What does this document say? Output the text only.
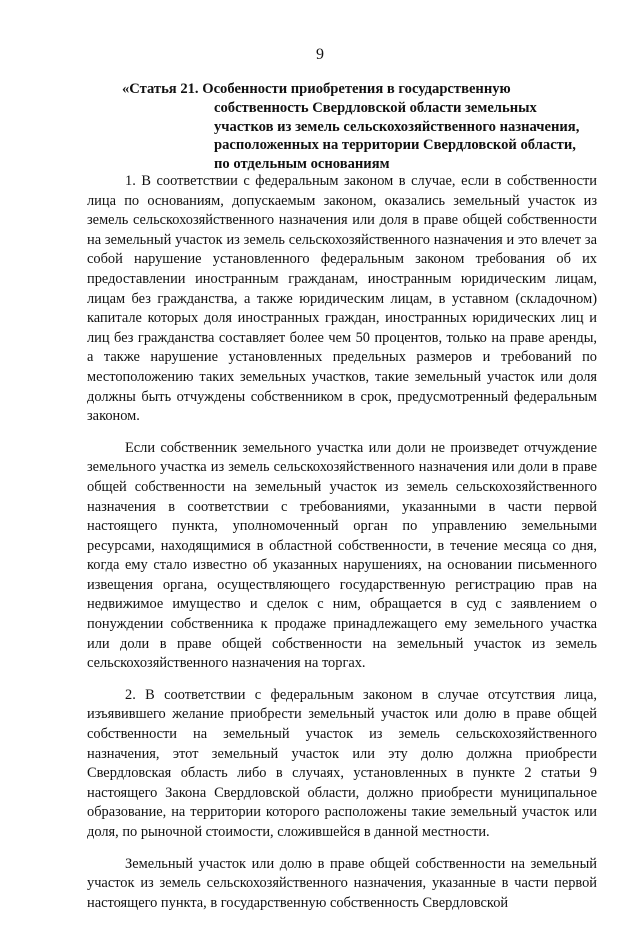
9
«Статья 21. Особенности приобретения в государственную
собственность Свердловской области земельных участков из земель сельскохозяйственного назначения, расположенных на территории Свердловской области, по отдельным основаниям

1. В соответствии с федеральным законом в случае, если в собственности лица по основаниям, допускаемым законом, оказались земельный участок из земель сельскохозяйственного назначения или доля в праве общей собственности на земельный участок из земель сельскохозяйственного назначения и это влечет за собой нарушение установленного федеральным законом требования об их предоставлении иностранным гражданам, иностранным юридическим лицам, лицам без гражданства, а также юридическим лицам, в уставном (складочном) капитале которых доля иностранных граждан, иностранных юридических лиц и лиц без гражданства составляет более чем 50 процентов, только на праве аренды, а также нарушение установленных предельных размеров и требований по местоположению таких земельных участков, такие земельный участок или доля должны быть отчуждены собственником в срок, предусмотренный федеральным законом.

Если собственник земельного участка или доли не произведет отчуждение земельного участка из земель сельскохозяйственного назначения или доли в праве общей собственности на земельный участок из земель сельскохозяйственного назначения в соответствии с требованиями, указанными в части первой настоящего пункта, уполномоченный орган по управлению земельными ресурсами, находящимися в областной собственности, в течение месяца со дня, когда ему стало известно об указанных нарушениях, на основании письменного извещения органа, осуществляющего государственную регистрацию прав на недвижимое имущество и сделок с ним, обращается в суд с заявлением о понуждении собственника к продаже принадлежащего ему земельного участка или доли в праве общей собственности на земельный участок из земель сельскохозяйственного назначения на торгах.

2. В соответствии с федеральным законом в случае отсутствия лица, изъявившего желание приобрести земельный участок или долю в праве общей собственности на земельный участок из земель сельскохозяйственного назначения, этот земельный участок или эту долю должна приобрести Свердловская область либо в случаях, установленных в пункте 2 статьи 9 настоящего Закона Свердловской области, должно приобрести муниципальное образование, на территории которого расположены такие земельный участок или доля, по рыночной стоимости, сложившейся в данной местности.

Земельный участок или долю в праве общей собственности на земельный участок из земель сельскохозяйственного назначения, указанные в части первой настоящего пункта, в государственную собственность Свердловской
